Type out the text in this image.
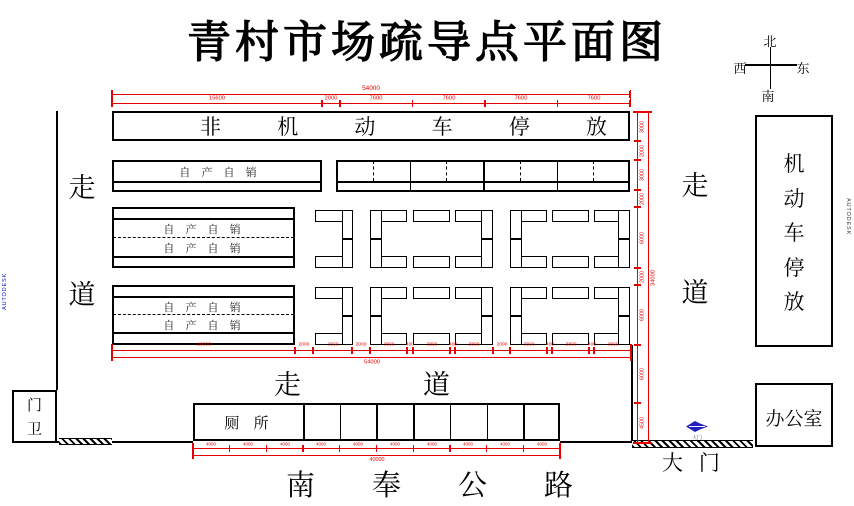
青村市场疏导点平面图	北
南
西	东
AUTODESK
AUTODESK
非	机	动	车	停	放
自 产 自 销
自 产 自 销
自 产 自 销
自 产 自 销
自 产 自 销
门
卫
走
道
走
道
机
动
车
停
放
办公室
走	道
厕 所
大门
大 门
南 奉 公 路
54000
15600	2000	7600	7600	7600	7600
18000	2000 3800 2000 3800 400 3800 400 3800 2000 3800 400 3800 400 3800
54000
3000
2000
3000
2000
6000
2000
6000
6000
4500
34000
4000	4000	4000	4000	4000	4000	4000	4000	4000	4000
40000
